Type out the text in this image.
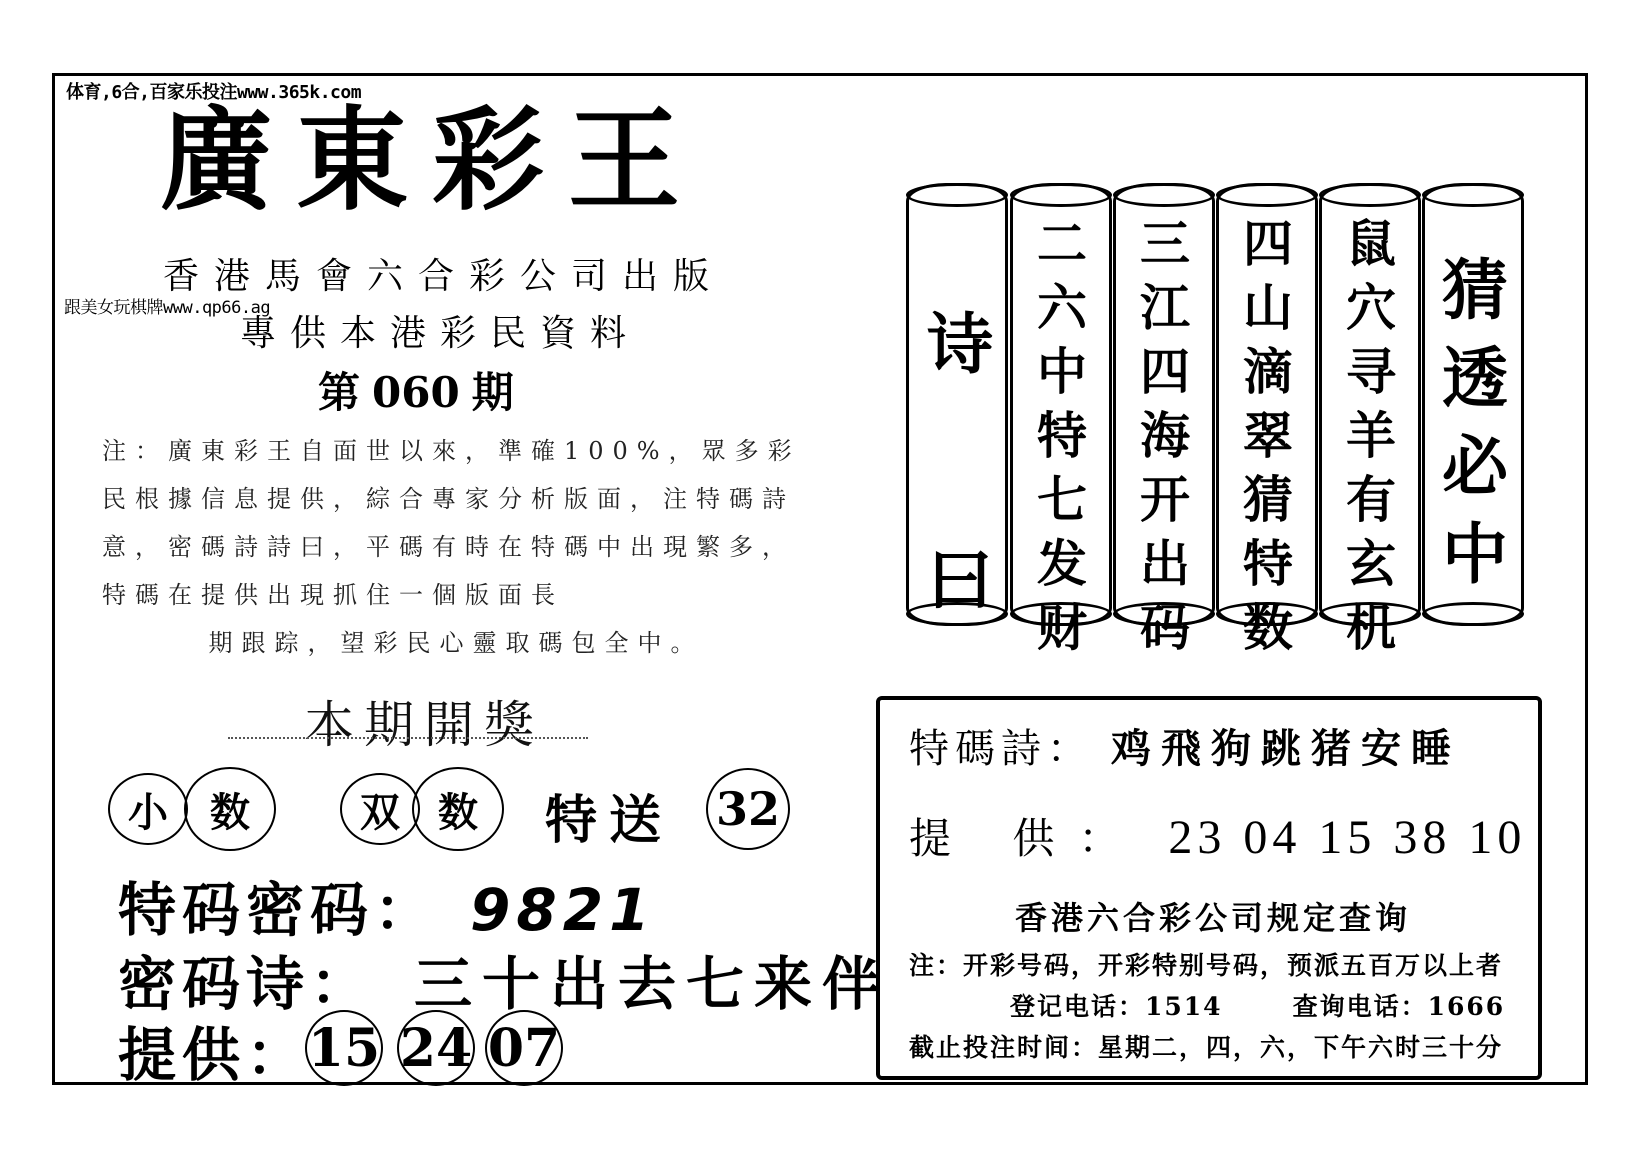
体育,6合,百家乐投注www.365k.com
廣東彩王
香港馬會六合彩公司出版
跟美女玩棋牌www.qp66.ag
專供本港彩民資料
第 060 期
注：廣東彩王自面世以來，準確100%，眾多彩民根據信息提供，綜合專家分析版面，注特碼詩意，密碼詩詩曰，平碼有時在特碼中出現繁多，特碼在提供出現抓住一個版面長
期跟踪，望彩民心靈取碼包全中。
本期開獎
小	数	双 数	特送 32
特码密码： 9821
密码诗： 三十出去七来伴
提供：
15 24 07
诗曰
二六中特七发财
三江四海开出码
四山滴翠猜特数
鼠穴寻羊有玄机
猜透必中
特碼詩： 鸡飛狗跳猪安睡
提 供： 23 04 15 38 10
香港六合彩公司规定查询
注：开彩号码，开彩特别号码，预派五百万以上者
登记电话：1514	查询电话：1666
截止投注时间：星期二，四，六，下午六时三十分
